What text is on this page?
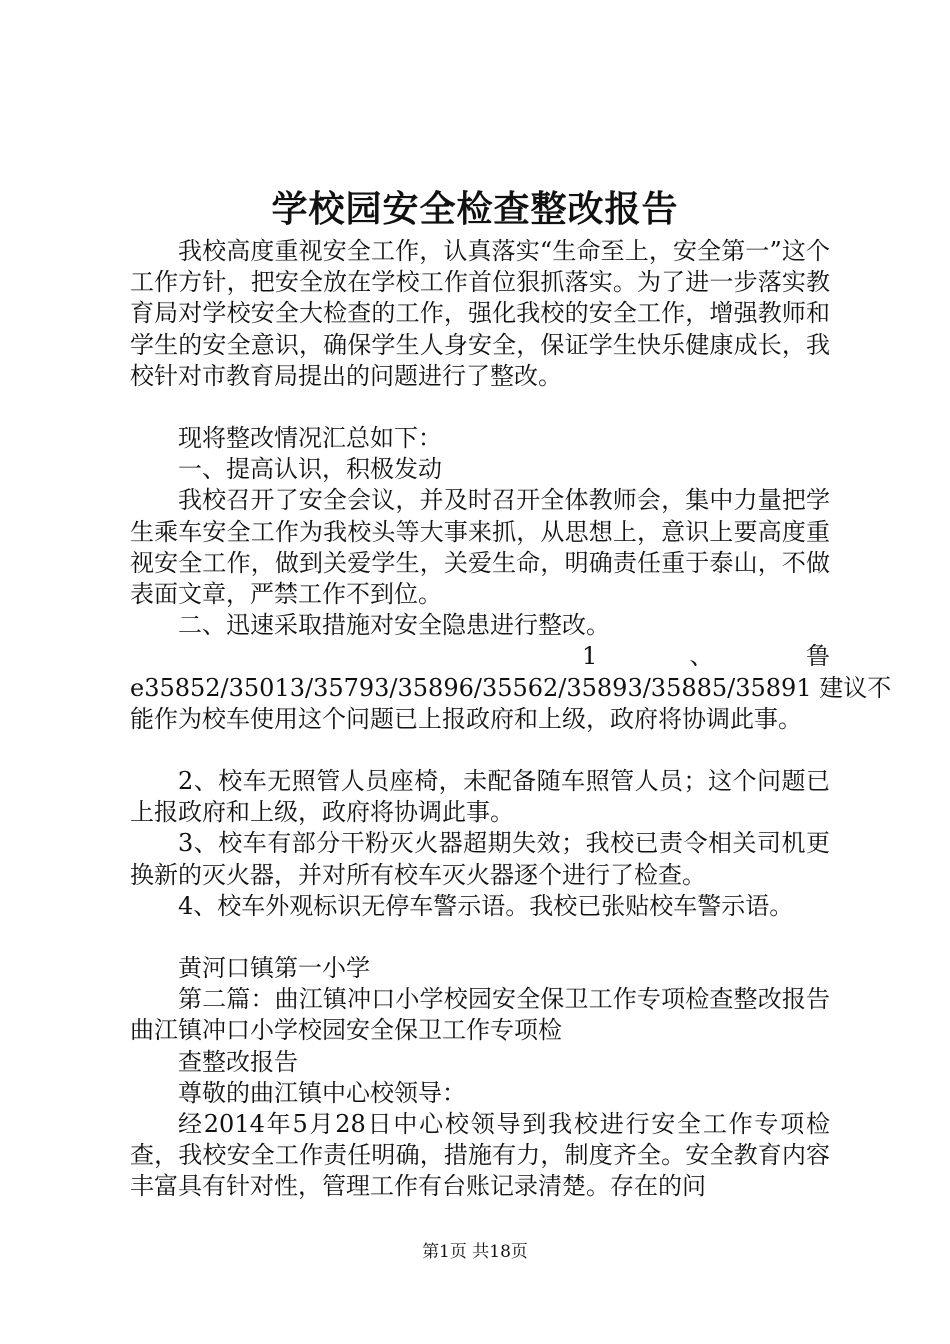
学校园安全检查整改报告

我校高度重视安全工作，认真落实“生命至上，安全第一”这个工作方针，把安全放在学校工作首位狠抓落实。为了进一步落实教育局对学校安全大检查的工作，强化我校的安全工作，增强教师和学生的安全意识，确保学生人身安全，保证学生快乐健康成长，我校针对市教育局提出的问题进行了整改。

现将整改情况汇总如下：

一、提高认识，积极发动

我校召开了安全会议，并及时召开全体教师会，集中力量把学生乘车安全工作为我校头等大事来抓，从思想上，意识上要高度重视安全工作，做到关爱学生，关爱生命，明确责任重于泰山，不做表面文章，严禁工作不到位。

二、迅速采取措施对安全隐患进行整改。

1	、	鲁

e35852/35013/35793/35896/35562/35893/35885/35891 建议不

能作为校车使用这个问题已上报政府和上级，政府将协调此事。

2、校车无照管人员座椅，未配备随车照管人员；这个问题已上报政府和上级，政府将协调此事。

3、校车有部分干粉灭火器超期失效；我校已责令相关司机更换新的灭火器，并对所有校车灭火器逐个进行了检查。

4、校车外观标识无停车警示语。我校已张贴校车警示语。

黄河口镇第一小学

第二篇：曲江镇冲口小学校园安全保卫工作专项检查整改报告曲江镇冲口小学校园安全保卫工作专项检

查整改报告

尊敬的曲江镇中心校领导：

经2014年5月28日中心校领导到我校进行安全工作专项检查，我校安全工作责任明确，措施有力，制度齐全。安全教育内容丰富具有针对性，管理工作有台账记录清楚。存在的问

第1页 共18页
